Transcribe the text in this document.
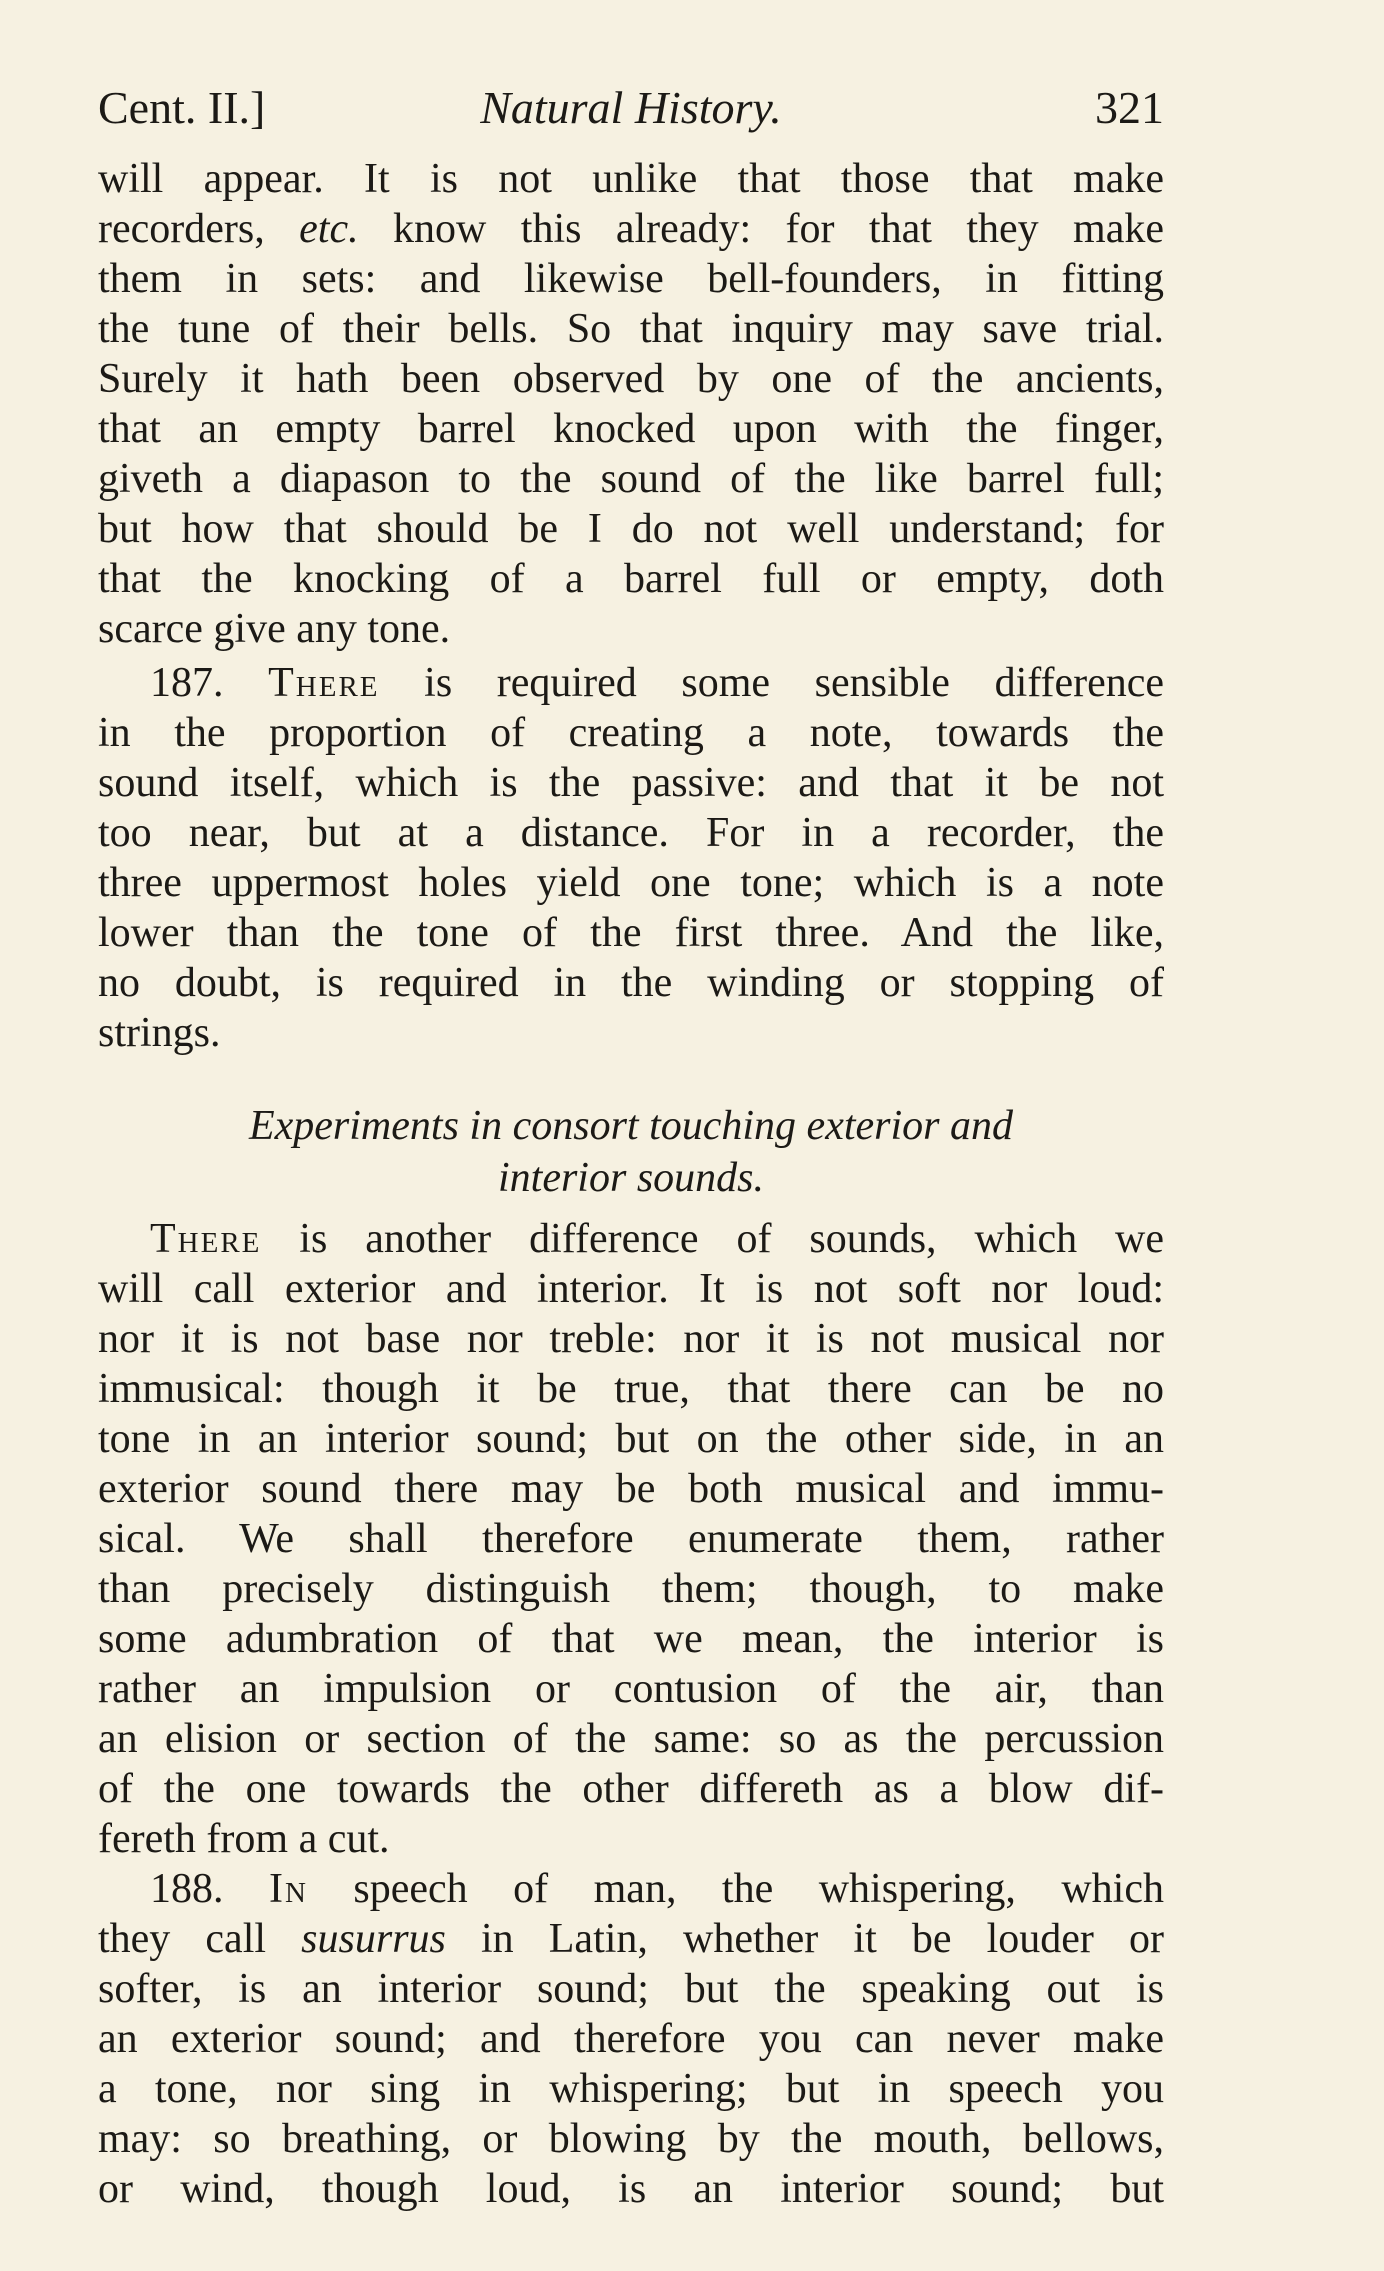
Cent. II.]	Natural History.	321
will appear. It is not unlike that those that make
recorders, etc. know this already: for that they make
them in sets: and likewise bell-founders, in fitting
the tune of their bells. So that inquiry may save trial.
Surely it hath been observed by one of the ancients,
that an empty barrel knocked upon with the finger,
giveth a diapason to the sound of the like barrel full;
but how that should be I do not well understand; for
that the knocking of a barrel full or empty, doth
scarce give any tone.
187. There is required some sensible difference
in the proportion of creating a note, towards the
sound itself, which is the passive: and that it be not
too near, but at a distance. For in a recorder, the
three uppermost holes yield one tone; which is a note
lower than the tone of the first three. And the like,
no doubt, is required in the winding or stopping of
strings.
Experiments in consort touching exterior and
interior sounds.
There is another difference of sounds, which we
will call exterior and interior. It is not soft nor loud:
nor it is not base nor treble: nor it is not musical nor
immusical: though it be true, that there can be no
tone in an interior sound; but on the other side, in an
exterior sound there may be both musical and immu-
sical. We shall therefore enumerate them, rather
than precisely distinguish them; though, to make
some adumbration of that we mean, the interior is
rather an impulsion or contusion of the air, than
an elision or section of the same: so as the percussion
of the one towards the other differeth as a blow dif-
fereth from a cut.
188. In speech of man, the whispering, which
they call susurrus in Latin, whether it be louder or
softer, is an interior sound; but the speaking out is
an exterior sound; and therefore you can never make
a tone, nor sing in whispering; but in speech you
may: so breathing, or blowing by the mouth, bellows,
or wind, though loud, is an interior sound; but
